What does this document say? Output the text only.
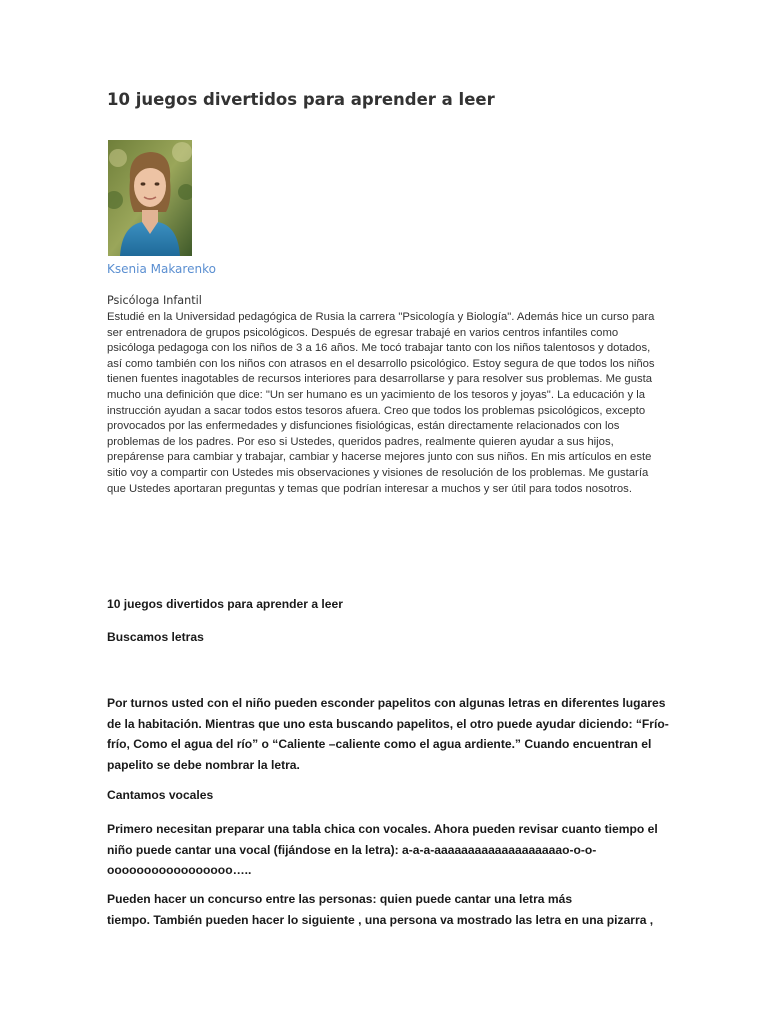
10 juegos divertidos para aprender a leer
Ksenia Makarenko
Psicóloga Infantil

Estudié en la Universidad pedagógica de Rusia la carrera "Psicología y Biología". Además hice un curso para ser entrenadora de grupos psicológicos. Después de egresar trabajé en varios centros infantiles como psicóloga pedagoga con los niños de 3 a 16 años. Me tocó trabajar tanto con los niños talentosos y dotados, así como también con los niños con atrasos en el desarrollo psicológico. Estoy segura de que todos los niños tienen fuentes inagotables de recursos interiores para desarrollarse y para resolver sus problemas. Me gusta mucho una definición que dice: "Un ser humano es un yacimiento de los tesoros y joyas". La educación y la instrucción ayudan a sacar todos estos tesoros afuera. Creo que todos los problemas psicológicos, excepto provocados por las enfermedades y disfunciones fisiológicas, están directamente relacionados con los problemas de los padres. Por eso si Ustedes, queridos padres, realmente quieren ayudar a sus hijos, prepárense para cambiar y trabajar, cambiar y hacerse mejores junto con sus niños. En mis artículos en este sitio voy a compartir con Ustedes mis observaciones y visiones de resolución de los problemas. Me gustaría que Ustedes aportaran preguntas y temas que podrían interesar a muchos y ser útil para todos nosotros.

10 juegos divertidos para aprender a leer

Buscamos letras

Por turnos usted con el niño pueden esconder papelitos con algunas letras en diferentes lugares
de la habitación. Mientras que uno esta buscando papelitos, el otro puede ayudar diciendo: “Frío-
frío, Como el agua del río” o “Caliente –caliente como el agua ardiente.” Cuando encuentran el
papelito se debe nombrar la letra.

Cantamos vocales

Primero necesitan preparar una tabla chica con vocales. Ahora pueden revisar cuanto tiempo el
niño puede cantar una vocal (fijándose en la letra): a-a-a-aaaaaaaaaaaaaaaaaaao-o-o-
ooooooooooooooooo…..

Pueden hacer un concurso entre las personas: quien puede cantar una letra más
tiempo. También pueden hacer lo siguiente , una persona va mostrado las letra en una pizarra ,
